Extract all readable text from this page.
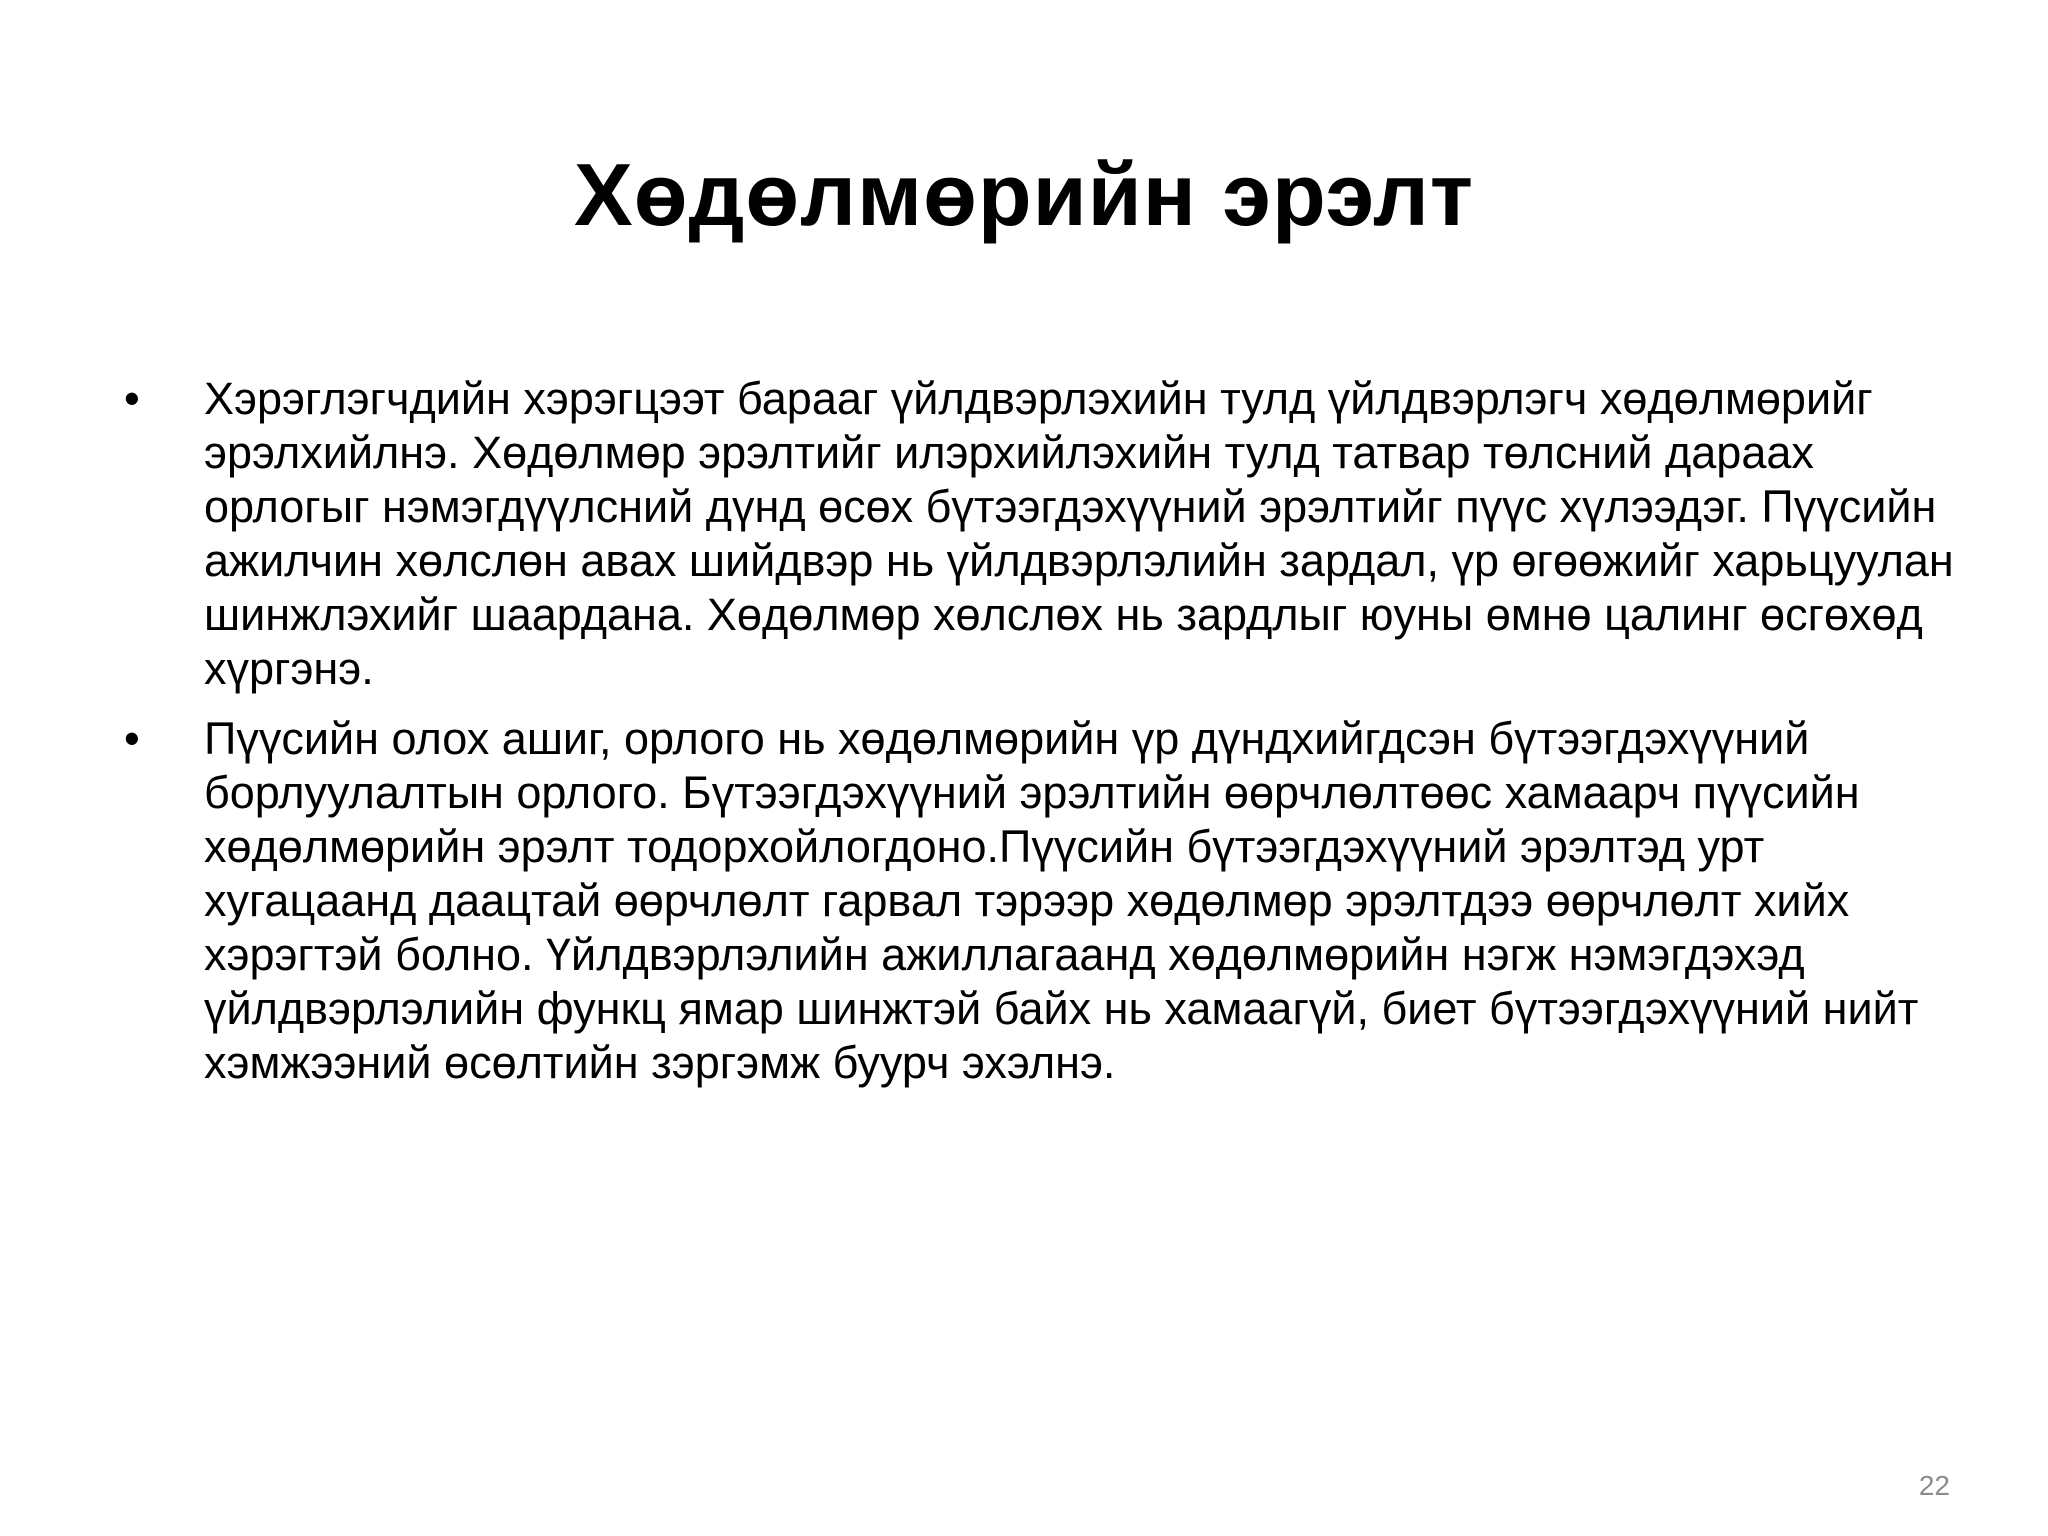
Хөдөлмөрийн эрэлт
•	Хэрэглэгчдийн хэрэгцээт барааг үйлдвэрлэхийн тулд үйлдвэрлэгч хөдөлмөрийг эрэлхийлнэ. Хөдөлмөр эрэлтийг илэрхийлэхийн тулд татвар төлсний дараах орлогыг нэмэгдүүлсний дүнд өсөх бүтээгдэхүүний эрэлтийг пүүс хүлээдэг. Пүүсийн ажилчин хөлслөн авах шийдвэр нь үйлдвэрлэлийн зардал, үр өгөөжийг харьцуулан шинжлэхийг шаардана. Хөдөлмөр хөлслөх нь зардлыг юуны өмнө цалинг өсгөхөд хүргэнэ.
•	Пүүсийн олох ашиг, орлого нь хөдөлмөрийн үр дүндхийгдсэн бүтээгдэхүүний борлуулалтын орлого. Бүтээгдэхүүний эрэлтийн өөрчлөлтөөс хамаарч пүүсийн хөдөлмөрийн эрэлт тодорхойлогдоно.Пүүсийн бүтээгдэхүүний эрэлтэд урт хугацаанд даацтай өөрчлөлт гарвал тэрээр хөдөлмөр эрэлтдээ өөрчлөлт хийх хэрэгтэй болно. Үйлдвэрлэлийн ажиллагаанд хөдөлмөрийн нэгж нэмэгдэхэд үйлдвэрлэлийн функц ямар шинжтэй байх нь хамаагүй, биет бүтээгдэхүүний нийт хэмжээний өсөлтийн зэргэмж буурч эхэлнэ.
22
